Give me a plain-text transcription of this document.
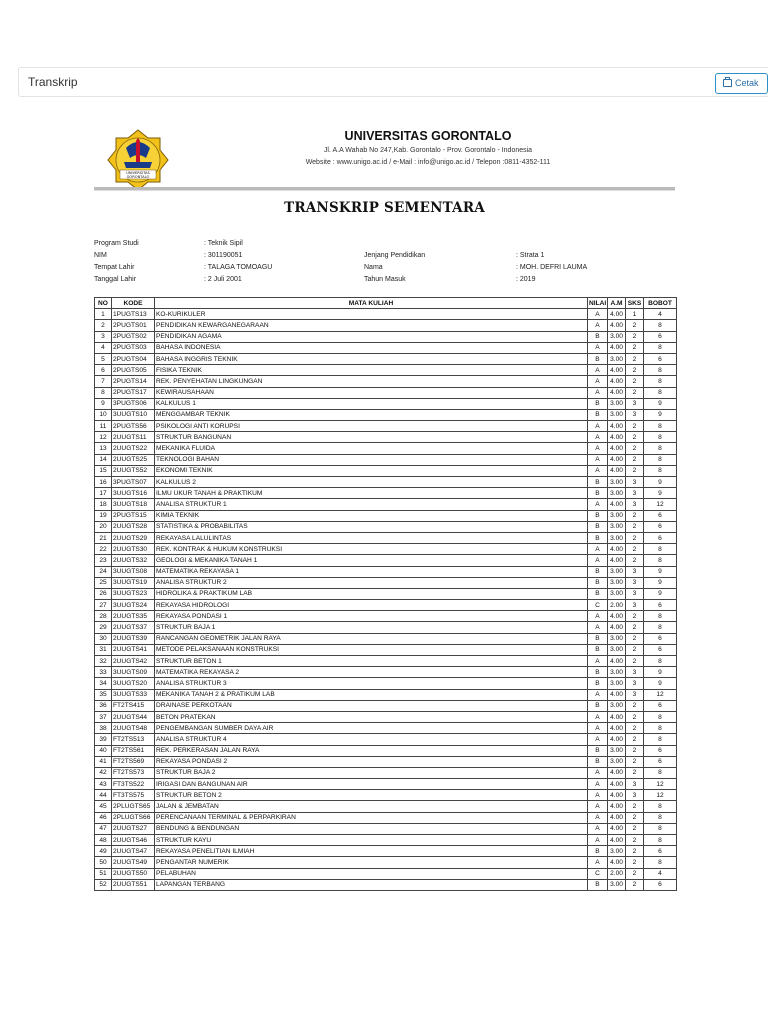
Transkrip	Cetak
UNIVERSITAS
GORONTALO
UNIVERSITAS GORONTALO
Jl. A.A Wahab No 247,Kab. Gorontalo - Prov. Gorontalo - Indonesia
Website : www.unigo.ac.id / e-Mail : info@unigo.ac.id / Telepon :0811-4352-111
TRANSKRIP SEMENTARA
Program Studi	: Teknik Sipil
NIM	: 301190051
Tempat Lahir	: TALAGA TOMOAGU
Tanggal Lahir	: 2 Juli 2001
Jenjang Pendidikan	: Strata 1
Nama	: MOH. DEFRI LAUMA
Tahun Masuk	: 2019
NO	KODE	MATA KULIAH	NILAI	A.M	SKS	BOBOT
1	1PUGTS13	KO-KURIKULER	A	4.00	1	4
2	2PUGTS01	PENDIDIKAN KEWARGANEGARAAN	A	4.00	2	8
3	2PUGTS02	PENDIDIKAN AGAMA	B	3.00	2	6
4	2PUGTS03	BAHASA INDONESIA	A	4.00	2	8
5	2PUGTS04	BAHASA INGGRIS TEKNIK	B	3.00	2	6
6	2PUGTS05	FISIKA TEKNIK	A	4.00	2	8
7	2PUGTS14	REK. PENYEHATAN LINGKUNGAN	A	4.00	2	8
8	2PUGTS17	KEWIRAUSAHAAN	A	4.00	2	8
9	3PUGTS06	KALKULUS 1	B	3.00	3	9
10	3UUGTS10	MENGGAMBAR TEKNIK	B	3.00	3	9
11	2PUGTS56	PSIKOLOGI ANTI KORUPSI	A	4.00	2	8
12	2UUGTS11	STRUKTUR BANGUNAN	A	4.00	2	8
13	2UUGTS22	MEKANIKA FLUIDA	A	4.00	2	8
14	2UUGTS25	TEKNOLOGI BAHAN	A	4.00	2	8
15	2UUGTS52	EKONOMI TEKNIK	A	4.00	2	8
16	3PUGTS07	KALKULUS 2	B	3.00	3	9
17	3UUGTS16	ILMU UKUR TANAH & PRAKTIKUM	B	3.00	3	9
18	3UUGTS18	ANALISA STRUKTUR 1	A	4.00	3	12
19	2PUGTS15	KIMIA TEKNIK	B	3.00	2	6
20	2UUGTS28	STATISTIKA & PROBABILITAS	B	3.00	2	6
21	2UUGTS29	REKAYASA LALULINTAS	B	3.00	2	6
22	2UUGTS30	REK. KONTRAK & HUKUM KONSTRUKSI	A	4.00	2	8
23	2UUGTS32	GEOLOGI & MEKANIKA TANAH 1	A	4.00	2	8
24	3UUGTS08	MATEMATIKA REKAYASA 1	B	3.00	3	9
25	3UUGTS19	ANALISA STRUKTUR 2	B	3.00	3	9
26	3UUGTS23	HIDROLIKA & PRAKTIKUM LAB	B	3.00	3	9
27	3UUGTS24	REKAYASA HIDROLOGI	C	2.00	3	6
28	2UUGTS35	REKAYASA PONDASI 1	A	4.00	2	8
29	2UUGTS37	STRUKTUR BAJA 1	A	4.00	2	8
30	2UUGTS39	RANCANGAN GEOMETRIK JALAN RAYA	B	3.00	2	6
31	2UUGTS41	METODE PELAKSANAAN KONSTRUKSI	B	3.00	2	6
32	2UUGTS42	STRUKTUR BETON 1	A	4.00	2	8
33	3UUGTS09	MATEMATIKA REKAYASA 2	B	3.00	3	9
34	3UUGTS20	ANALISA STRUKTUR 3	B	3.00	3	9
35	3UUGTS33	MEKANIKA TANAH 2 & PRATIKUM LAB	A	4.00	3	12
36	FT2TS415	DRAINASE PERKOTAAN	B	3.00	2	6
37	2UUGTS44	BETON PRATEKAN	A	4.00	2	8
38	2UUGTS48	PENGEMBANGAN SUMBER DAYA AIR	A	4.00	2	8
39	FT2TS513	ANALISA STRUKTUR 4	A	4.00	2	8
40	FT2TS561	REK. PERKERASAN JALAN RAYA	B	3.00	2	6
41	FT2TS569	REKAYASA PONDASI 2	B	3.00	2	6
42	FT2TS573	STRUKTUR BAJA 2	A	4.00	2	8
43	FT3TS522	IRIGASI DAN BANGUNAN AIR	A	4.00	3	12
44	FT3TS575	STRUKTUR BETON 2	A	4.00	3	12
45	2PLUGTS65	JALAN & JEMBATAN	A	4.00	2	8
46	2PLUGTS66	PERENCANAAN TERMINAL & PERPARKIRAN	A	4.00	2	8
47	2UUGTS27	BENDUNG & BENDUNGAN	A	4.00	2	8
48	2UUGTS46	STRUKTUR KAYU	A	4.00	2	8
49	2UUGTS47	REKAYASA PENELITIAN ILMIAH	B	3.00	2	6
50	2UUGTS49	PENGANTAR NUMERIK	A	4.00	2	8
51	2UUGTS50	PELABUHAN	C	2.00	2	4
52	2UUGTS51	LAPANGAN TERBANG	B	3.00	2	6
